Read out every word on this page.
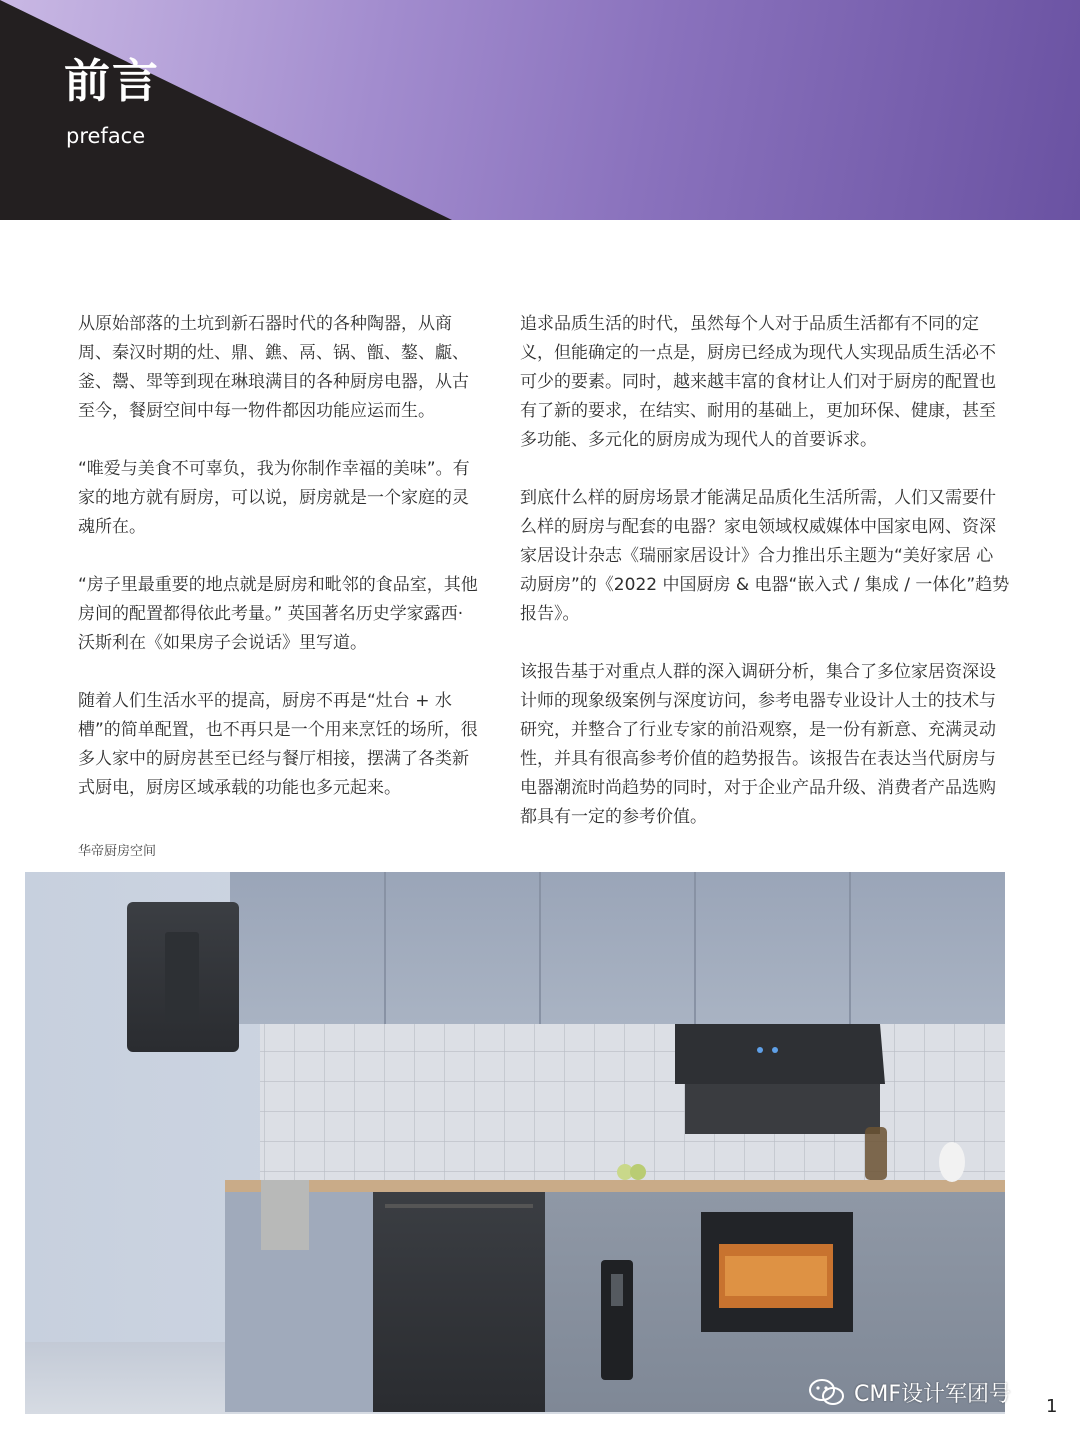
前言
preface

从原始部落的土坑到新石器时代的各种陶器，从商周、秦汉时期的灶、鼎、鐎、鬲、锅、甑、鏊、甗、釜、鬶、斝等到现在琳琅满目的各种厨房电器，从古至今，餐厨空间中每一物件都因功能应运而生。

“唯爱与美食不可辜负，我为你制作幸福的美味”。有家的地方就有厨房，可以说，厨房就是一个家庭的灵魂所在。

“房子里最重要的地点就是厨房和毗邻的食品室，其他房间的配置都得依此考量。” 英国著名历史学家露西·沃斯利在《如果房子会说话》里写道。

随着人们生活水平的提高，厨房不再是“灶台 + 水槽”的简单配置，也不再只是一个用来烹饪的场所，很多人家中的厨房甚至已经与餐厅相接，摆满了各类新式厨电，厨房区域承载的功能也多元起来。

追求品质生活的时代，虽然每个人对于品质生活都有不同的定义，但能确定的一点是，厨房已经成为现代人实现品质生活必不可少的要素。同时，越来越丰富的食材让人们对于厨房的配置也有了新的要求，在结实、耐用的基础上，更加环保、健康，甚至多功能、多元化的厨房成为现代人的首要诉求。

到底什么样的厨房场景才能满足品质化生活所需，人们又需要什么样的厨房与配套的电器？家电领域权威媒体中国家电网、资深家居设计杂志《瑞丽家居设计》合力推出乐主题为“美好家居 心动厨房”的《2022 中国厨房 & 电器“嵌入式 / 集成 / 一体化”趋势报告》。

该报告基于对重点人群的深入调研分析，集合了多位家居资深设计师的现象级案例与深度访问，参考电器专业设计人士的技术与研究，并整合了行业专家的前沿观察，是一份有新意、充满灵动性，并具有很高参考价值的趋势报告。该报告在表达当代厨房与电器潮流时尚趋势的同时，对于企业产品升级、消费者产品选购都具有一定的参考价值。

华帝厨房空间
CMF设计军团号 1
